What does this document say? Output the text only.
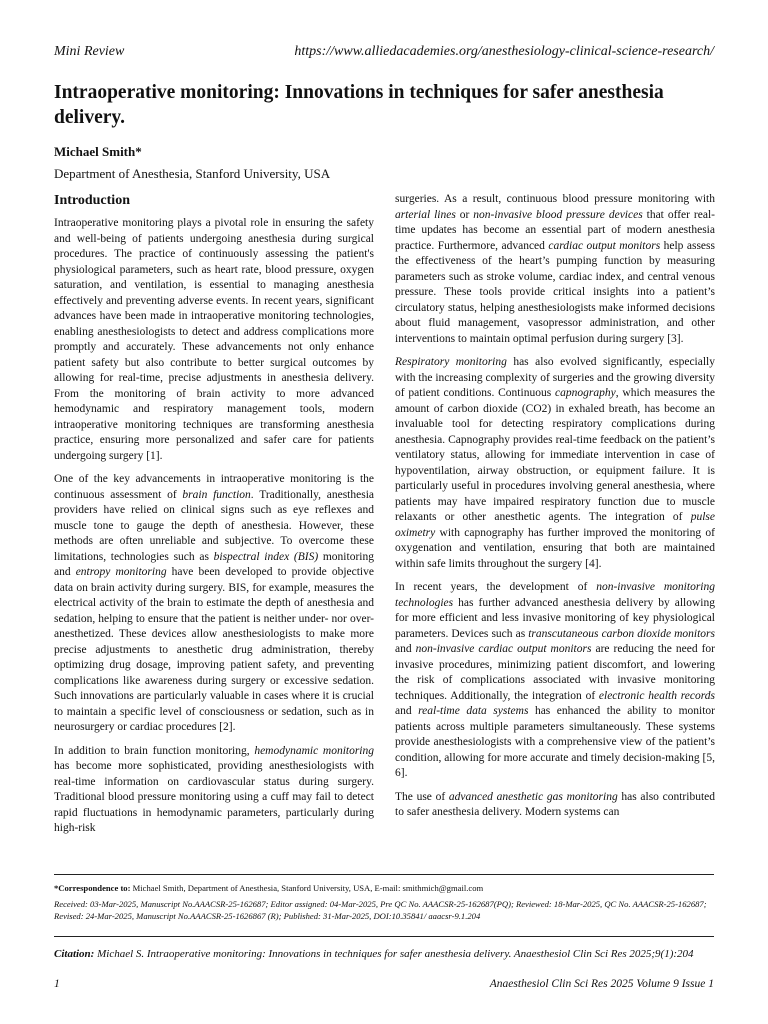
Mini Review	https://www.alliedacademies.org/anesthesiology-clinical-science-research/
Intraoperative monitoring: Innovations in techniques for safer anesthesia delivery.
Michael Smith*
Department of Anesthesia, Stanford University, USA
Introduction

Intraoperative monitoring plays a pivotal role in ensuring the safety and well-being of patients undergoing anesthesia during surgical procedures. The practice of continuously assessing the patient's physiological parameters, such as heart rate, blood pressure, oxygen saturation, and ventilation, is essential to managing anesthesia effectively and preventing adverse events. In recent years, significant advances have been made in intraoperative monitoring technologies, enabling anesthesiologists to detect and address complications more promptly and accurately. These advancements not only enhance patient safety but also contribute to better surgical outcomes by allowing for real-time, precise adjustments in anesthesia delivery. From the monitoring of brain activity to more advanced hemodynamic and respiratory management tools, modern intraoperative monitoring techniques are transforming anesthesia practice, ensuring more personalized and safer care for patients undergoing surgery [1].

One of the key advancements in intraoperative monitoring is the continuous assessment of brain function. Traditionally, anesthesia providers have relied on clinical signs such as eye reflexes and muscle tone to gauge the depth of anesthesia. However, these methods are often unreliable and subjective. To overcome these limitations, technologies such as bispectral index (BIS) monitoring and entropy monitoring have been developed to provide objective data on brain activity during surgery. BIS, for example, measures the electrical activity of the brain to estimate the depth of anesthesia and sedation, helping to ensure that the patient is neither under- nor over-anesthetized. These devices allow anesthesiologists to make more precise adjustments to anesthetic drug administration, thereby optimizing drug dosage, improving patient safety, and preventing complications like awareness during surgery or excessive sedation. Such innovations are particularly valuable in cases where it is crucial to maintain a specific level of consciousness or sedation, such as in neurosurgery or cardiac procedures [2].

In addition to brain function monitoring, hemodynamic monitoring has become more sophisticated, providing anesthesiologists with real-time information on cardiovascular status during surgery. Traditional blood pressure monitoring using a cuff may fail to detect rapid fluctuations in hemodynamic parameters, particularly during high-risk

surgeries. As a result, continuous blood pressure monitoring with arterial lines or non-invasive blood pressure devices that offer real-time updates has become an essential part of modern anesthesia practice. Furthermore, advanced cardiac output monitors help assess the effectiveness of the heart’s pumping function by measuring parameters such as stroke volume, cardiac index, and central venous pressure. These tools provide critical insights into a patient’s circulatory status, helping anesthesiologists make informed decisions about fluid management, vasopressor administration, and other interventions to maintain optimal perfusion during surgery [3].

Respiratory monitoring has also evolved significantly, especially with the increasing complexity of surgeries and the growing diversity of patient conditions. Continuous capnography, which measures the amount of carbon dioxide (CO2) in exhaled breath, has become an invaluable tool for detecting respiratory complications during anesthesia. Capnography provides real-time feedback on the patient’s ventilatory status, allowing for immediate intervention in case of hypoventilation, airway obstruction, or equipment failure. It is particularly useful in procedures involving general anesthesia, where patients may have impaired respiratory function due to muscle relaxants or other anesthetic agents. The integration of pulse oximetry with capnography has further improved the monitoring of oxygenation and ventilation, ensuring that both are maintained within safe limits throughout the surgery [4].

In recent years, the development of non-invasive monitoring technologies has further advanced anesthesia delivery by allowing for more efficient and less invasive monitoring of key physiological parameters. Devices such as transcutaneous carbon dioxide monitors and non-invasive cardiac output monitors are reducing the need for invasive procedures, minimizing patient discomfort, and lowering the risk of complications associated with invasive monitoring techniques. Additionally, the integration of electronic health records and real-time data systems has enhanced the ability to monitor patients across multiple parameters simultaneously. These systems provide anesthesiologists with a comprehensive view of the patient’s condition, allowing for more accurate and timely decision-making [5, 6].

The use of advanced anesthetic gas monitoring has also contributed to safer anesthesia delivery. Modern systems can

*Correspondence to: Michael Smith, Department of Anesthesia, Stanford University, USA, E-mail: smithmich@gmail.com
Received: 03-Mar-2025, Manuscript No.AAACSR-25-162687; Editor assigned: 04-Mar-2025, Pre QC No. AAACSR-25-162687(PQ); Reviewed: 18-Mar-2025, QC No. AAACSR-25-162687; Revised: 24-Mar-2025, Manuscript No.AAACSR-25-1626867 (R); Published: 31-Mar-2025, DOI:10.35841/ aaacsr-9.1.204
Citation: Michael S. Intraoperative monitoring: Innovations in techniques for safer anesthesia delivery. Anaesthesiol Clin Sci Res 2025;9(1):204
1	Anaesthesiol Clin Sci Res 2025 Volume 9 Issue 1
